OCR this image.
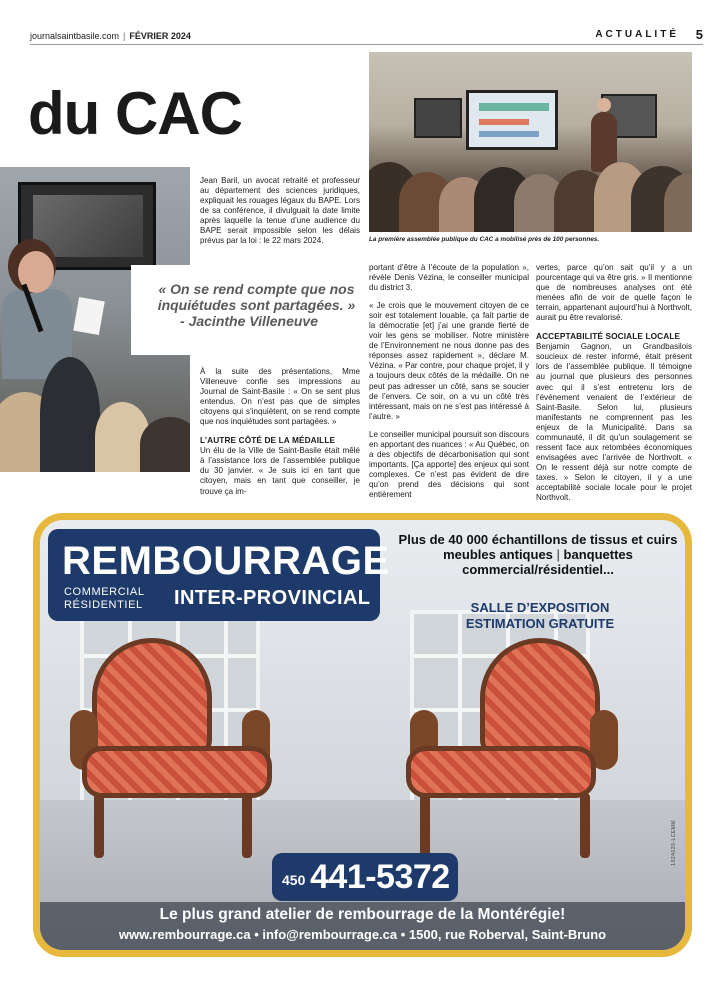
journalsaintbasile.com | FÉVRIER 2024	ACTUALITÉ 5
du CAC
La première assemblée publique du CAC a mobilisé près de 100 personnes.

« On se rend compte que nos inquiétudes sont partagées. »
- Jacinthe Villeneuve

Jean Baril, un avocat retraité et professeur au département des sciences juridiques, expliquait les rouages légaux du BAPE. Lors de sa conférence, il divulguait la date limite après laquelle la tenue d’une audience du BAPE serait impossible selon les délais prévus par la loi : le 22 mars 2024.

À la suite des présentations, Mme Villeneuve confie ses impressions au Journal de Saint-Basile : « On se sent plus entendus. On n’est pas que de simples citoyens qui s’inquiètent, on se rend compte que nos inquiétudes sont partagées. »

L’AUTRE CÔTÉ DE LA MÉDAILLE

Un élu de la Ville de Saint-Basile était mêlé à l’assistance lors de l’assemblée publique du 30 janvier. « Je suis ici en tant que citoyen, mais en tant que conseiller, je trouve ça im-

portant d’être à l’écoute de la population », révèle Denis Vézina, le conseiller municipal du district 3.

« Je crois que le mouvement citoyen de ce soir est totalement louable, ça fait partie de la démocratie [et] j’ai une grande fierté de voir les gens se mobiliser. Notre ministère de l’Environnement ne nous donne pas des réponses assez rapidement », déclare M. Vézina. « Par contre, pour chaque projet, il y a toujours deux côtés de la médaille. On ne peut pas adresser un côté, sans se soucier de l’envers. Ce soir, on a vu un côté très intéressant, mais on ne s’est pas intéressé à l’autre. »

Le conseiller municipal poursuit son discours en apportant des nuances : « Au Québec, on a des objectifs de décarbonisation qui sont importants. [Ça apporte] des enjeux qui sont complexes. Ce n’est pas évident de dire qu’on prend des décisions qui sont entièrement

vertes, parce qu’on sait qu’il y a un pourcentage qui va être gris. » Il mentionne que de nombreuses analyses ont été menées afin de voir de quelle façon le terrain, appartenant aujourd’hui à Northvolt, aurait pu être revalorisé.

ACCEPTABILITÉ SOCIALE LOCALE

Benjamin Gagnon, un Grandbasilois soucieux de rester informé, était présent lors de l’assemblée publique. Il témoigne au journal que plusieurs des personnes avec qui il s’est entretenu lors de l’événement venaient de l’extérieur de Saint-Basile. Selon lui, plusieurs manifestants ne comprennent pas les enjeux de la Municipalité. Dans sa communauté, il dit qu’un soulagement se ressent face aux retombées économiques envisagées avec l’arrivée de Northvolt. « On le ressent déjà sur notre compte de taxes. » Selon le citoyen, il y a une acceptabilité sociale locale pour le projet Northvolt.

REMBOURRAGE
COMMERCIAL
RÉSIDENTIEL INTER-PROVINCIAL
Plus de 40 000 échantillons de tissus et cuirs
meubles antiques | banquettes
commercial/résidentiel...
SALLE D’EXPOSITION
ESTIMATION GRATUITE
450 441-5372
Le plus grand atelier de rembourrage de la Montérégie!
www.rembourrage.ca • info@rembourrage.ca • 1500, rue Roberval, Saint-Bruno
1024029-LCEMM
